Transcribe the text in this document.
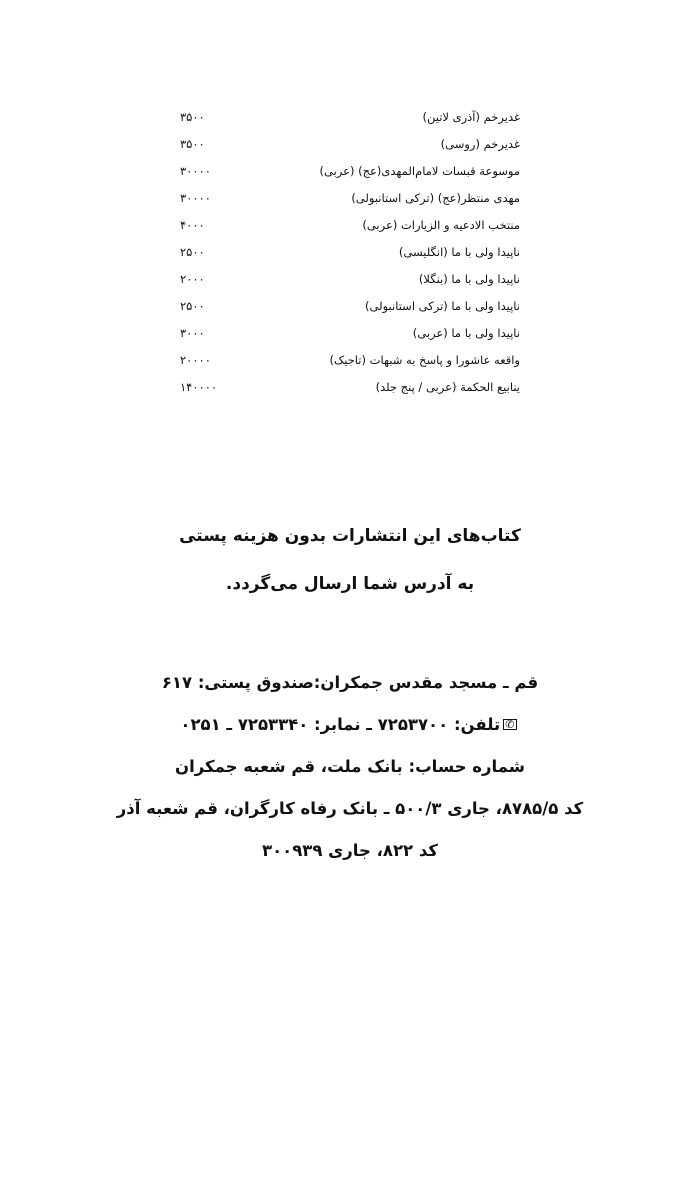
غدیرخم (آذری لاتین)
۳۵۰۰
غدیرخم (روسی)
۳۵۰۰
موسوعة قبسات لاما‌م‌المهدی(عج) (عربی)
۳۰۰۰۰
مهدی منتظر(عج) (ترکی استانبولی)
۳۰۰۰۰
منتخب الادعیه و الزیارات (عربی)
۴۰۰۰
ناپیدا ولی با ما (انگلیسی)
۲۵۰۰
ناپیدا ولی با ما (بنگلا)
۲۰۰۰
ناپیدا ولی با ما (ترکی استانبولی)
۲۵۰۰
ناپیدا ولی با ما (عربی)
۳۰۰۰
واقعه عاشورا و پاسخ به شبهات (تاجیک)
۲۰۰۰۰
ینابیع الحکمة (عربی / پنج جلد)
۱۴۰۰۰۰
کتاب‌های این انتشارات بدون هزینه پستی
به آدرس شما ارسال می‌گردد.
قم ـ مسجد مقدس جمکران:صندوق پستی: ۶۱۷
✆تلفن: ۷۲۵۳۷۰۰ ـ نمابر: ۷۲۵۳۳۴۰ ـ ۰۲۵۱
شماره حساب: بانک ملت، قم شعبه جمکران
کد ۸۷۸۵/۵، جاری ۵۰۰/۳ ـ بانک رفاه کارگران، قم شعبه آذر
کد ۸۲۲، جاری ۳۰۰۹۳۹
